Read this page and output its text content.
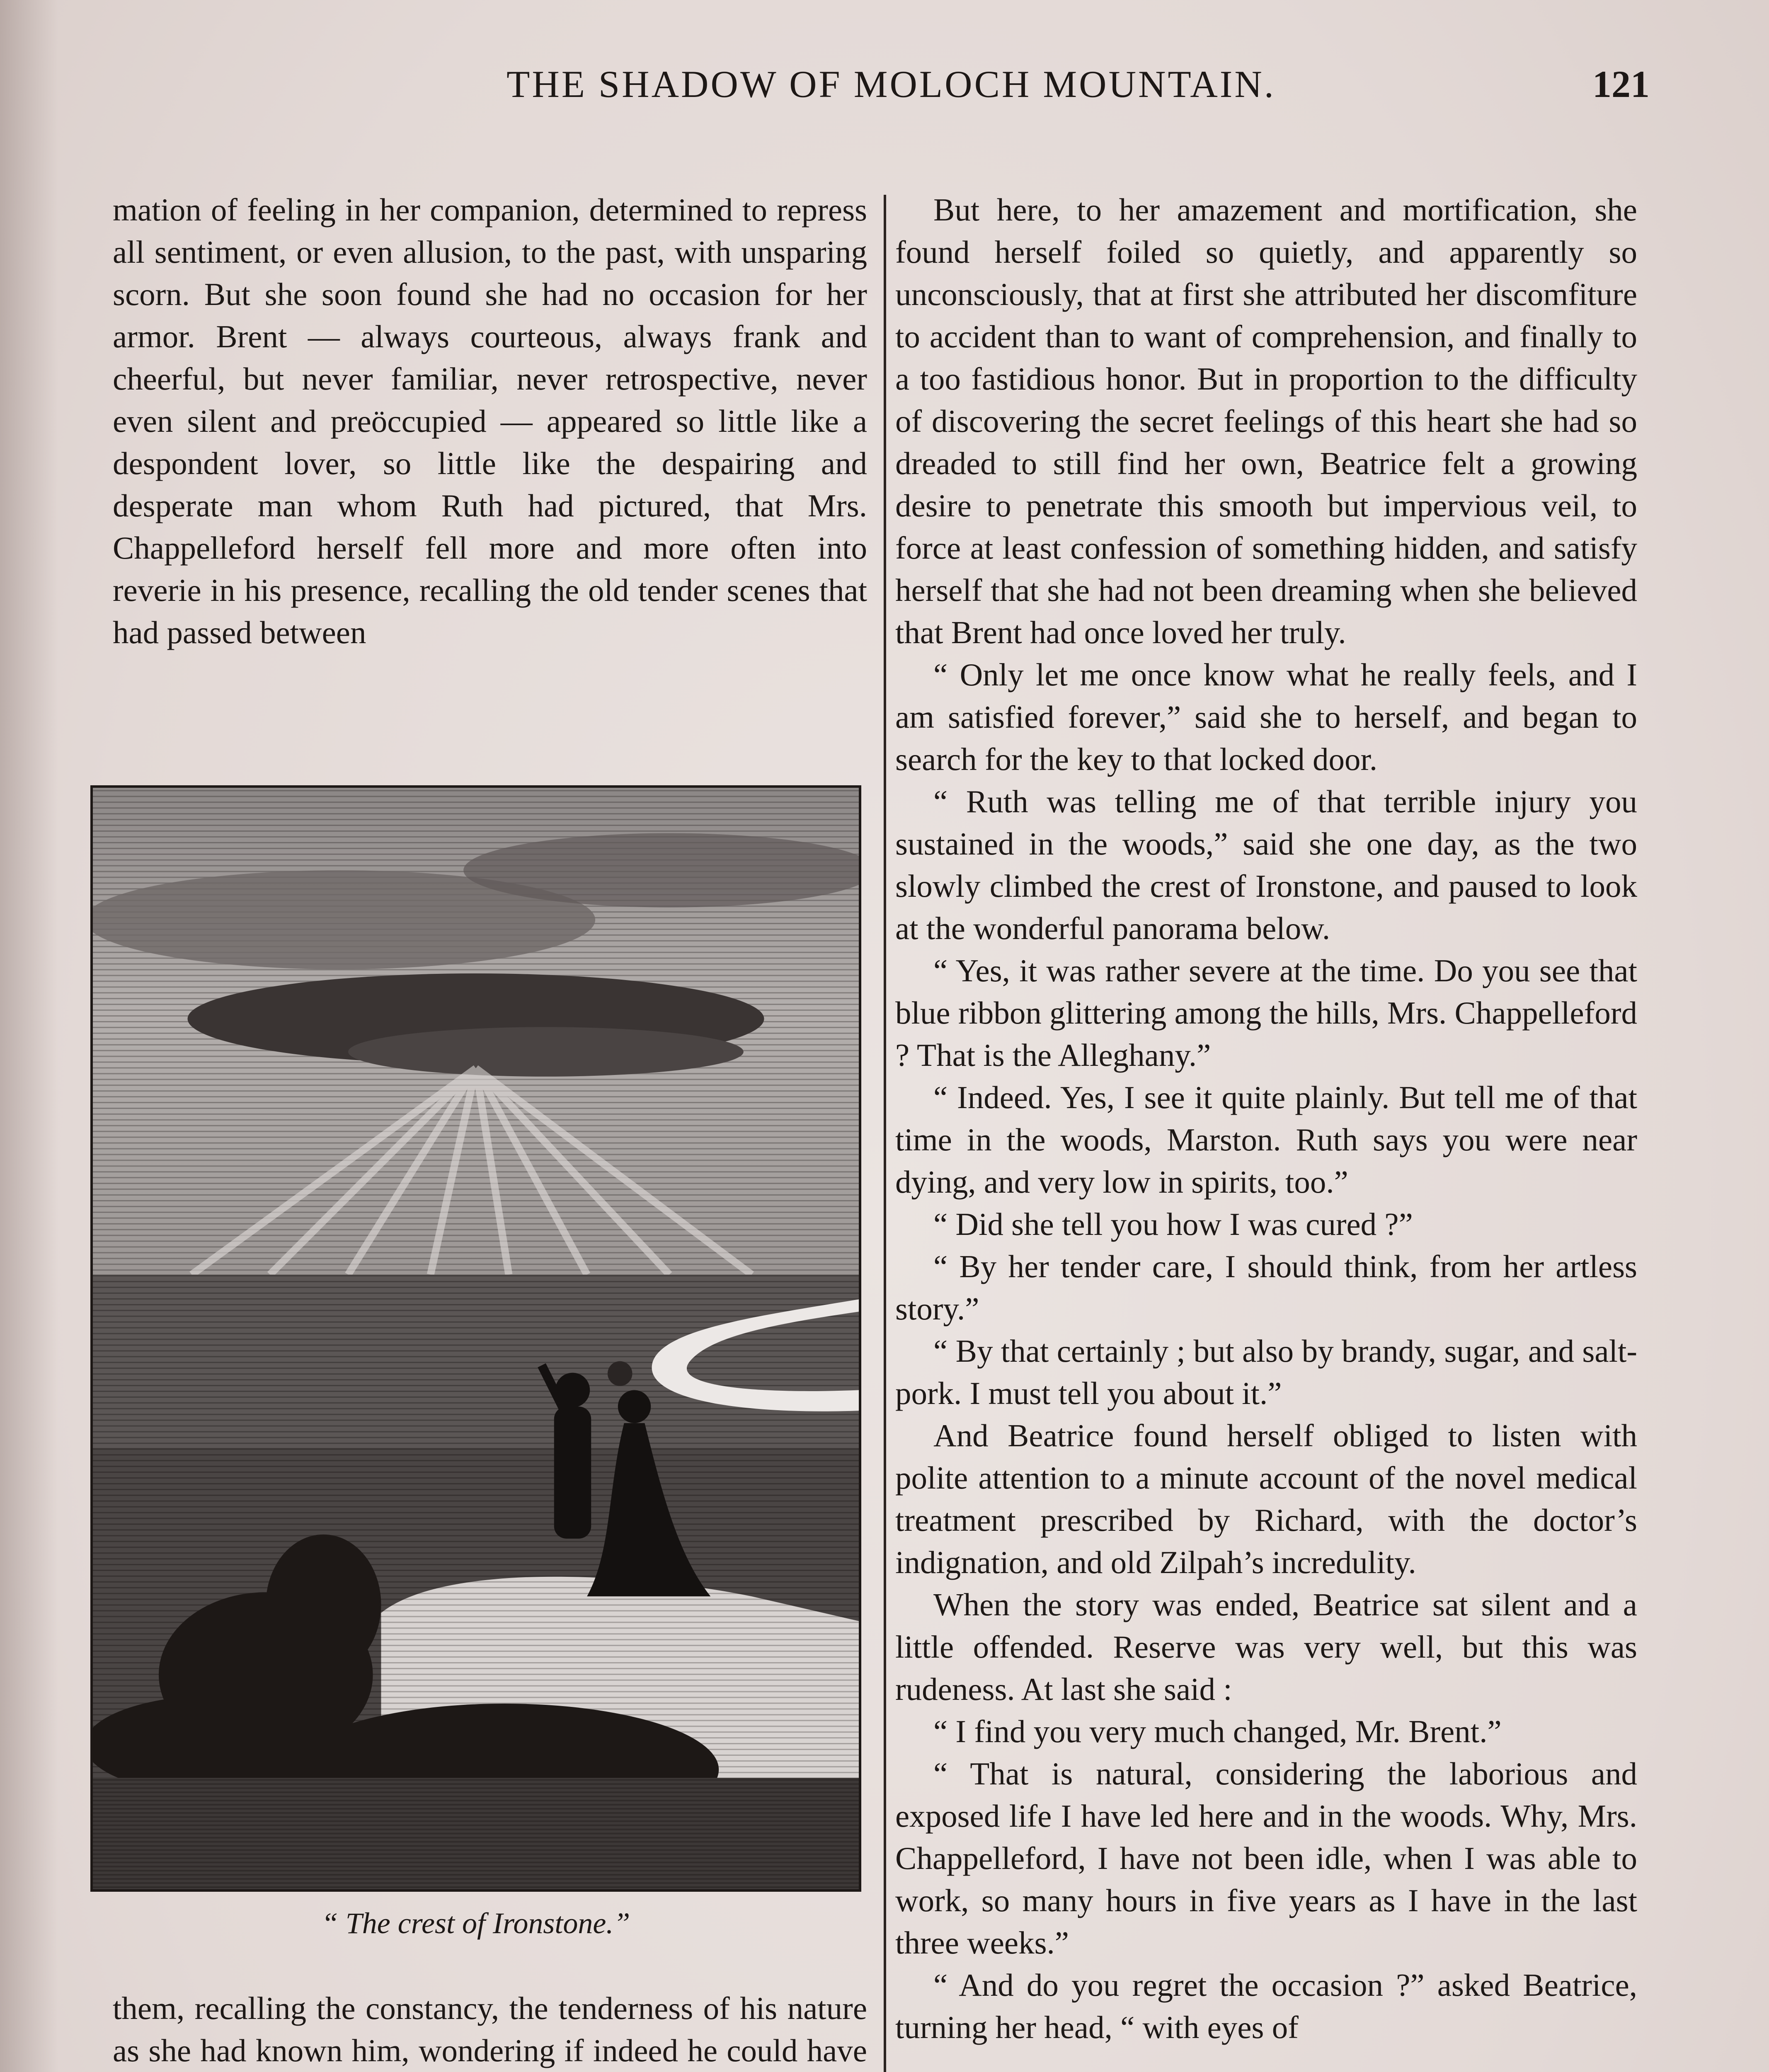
THE SHADOW OF MOLOCH MOUNTAIN.	121

mation of feeling in her companion, determined to repress all sentiment, or even allusion, to the past, with unsparing scorn. But she soon found she had no occasion for her armor. Brent — always courteous, always frank and cheerful, but never familiar, never retrospective, never even silent and preöccupied — appeared so little like a despondent lover, so little like the despairing and desperate man whom Ruth had pictured, that Mrs. Chappelleford herself fell more and more often into reverie in his presence, recalling the old tender scenes that had passed between

“ The crest of Ironstone.”

them, recalling the constancy, the tenderness of his nature as she had known him, wondering if indeed he could have

But here, to her amazement and mortification, she found herself foiled so quietly, and apparently so unconsciously, that at first she attributed her discomfiture to accident than to want of comprehension, and finally to a too fastidious honor. But in proportion to the difficulty of discovering the secret feelings of this heart she had so dreaded to still find her own, Beatrice felt a growing desire to penetrate this smooth but impervious veil, to force at least confession of something hidden, and satisfy herself that she had not been dreaming when she believed that Brent had once loved her truly.

“ Only let me once know what he really feels, and I am satisfied forever,” said she to herself, and began to search for the key to that locked door.

“ Ruth was telling me of that terrible injury you sustained in the woods,” said she one day, as the two slowly climbed the crest of Ironstone, and paused to look at the wonderful panorama below.

“ Yes, it was rather severe at the time. Do you see that blue ribbon glittering among the hills, Mrs. Chappelleford ? That is the Alleghany.”

“ Indeed. Yes, I see it quite plainly. But tell me of that time in the woods, Marston. Ruth says you were near dying, and very low in spirits, too.”

“ Did she tell you how I was cured ?”

“ By her tender care, I should think, from her artless story.”

“ By that certainly ; but also by brandy, sugar, and salt-pork. I must tell you about it.”

And Beatrice found herself obliged to listen with polite attention to a minute account of the novel medical treatment prescribed by Richard, with the doctor’s indignation, and old Zilpah’s incredulity.

When the story was ended, Beatrice sat silent and a little offended. Reserve was very well, but this was rudeness. At last she said :

“ I find you very much changed, Mr. Brent.”

“ That is natural, considering the laborious and exposed life I have led here and in the woods. Why, Mrs. Chappelleford, I have not been idle, when I was able to work, so many hours in five years as I have in the last three weeks.”

“ And do you regret the occasion ?” asked Beatrice, turning her head, “ with eyes of
